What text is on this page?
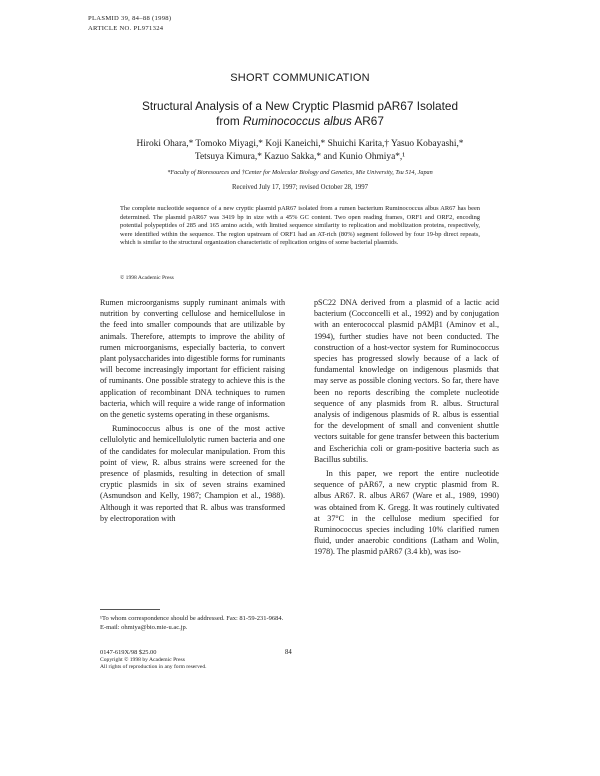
PLASMID 39, 84–88 (1998)
ARTICLE NO. PL971324
SHORT COMMUNICATION
Structural Analysis of a New Cryptic Plasmid pAR67 Isolated
from Ruminococcus albus AR67
Hiroki Ohara,* Tomoko Miyagi,* Koji Kaneichi,* Shuichi Karita,† Yasuo Kobayashi,*
Tetsuya Kimura,* Kazuo Sakka,* and Kunio Ohmiya*,¹
*Faculty of Bioresources and †Center for Molecular Biology and Genetics, Mie University, Tsu 514, Japan
Received July 17, 1997; revised October 28, 1997
The complete nucleotide sequence of a new cryptic plasmid pAR67 isolated from a rumen bacterium Ruminococcus albus AR67 has been determined. The plasmid pAR67 was 3419 bp in size with a 45% GC content. Two open reading frames, ORF1 and ORF2, encoding potential polypeptides of 285 and 165 amino acids, with limited sequence similarity to replication and mobilization proteins, respectively, were identified within the sequence. The region upstream of ORF1 had an AT-rich (80%) segment followed by four 19-bp direct repeats, which is similar to the structural organization characteristic of replication origins of some bacterial plasmids.
© 1998 Academic Press

Rumen microorganisms supply ruminant animals with nutrition by converting cellulose and hemicellulose in the feed into smaller compounds that are utilizable by animals. Therefore, attempts to improve the ability of rumen microorganisms, especially bacteria, to convert plant polysaccharides into digestible forms for ruminants will become increasingly important for efficient raising of ruminants. One possible strategy to achieve this is the application of recombinant DNA techniques to rumen bacteria, which will require a wide range of information on the genetic systems operating in these organisms.

Ruminococcus albus is one of the most active cellulolytic and hemicellulolytic rumen bacteria and one of the candidates for molecular manipulation. From this point of view, R. albus strains were screened for the presence of plasmids, resulting in detection of small cryptic plasmids in six of seven strains examined (Asmundson and Kelly, 1987; Champion et al., 1988). Although it was reported that R. albus was transformed by electroporation with

pSC22 DNA derived from a plasmid of a lactic acid bacterium (Cocconcelli et al., 1992) and by conjugation with an enterococcal plasmid pAMβ1 (Aminov et al., 1994), further studies have not been conducted. The construction of a host-vector system for Ruminococcus species has progressed slowly because of a lack of fundamental knowledge on indigenous plasmids that may serve as possible cloning vectors. So far, there have been no reports describing the complete nucleotide sequence of any plasmids from R. albus. Structural analysis of indigenous plasmids of R. albus is essential for the development of small and convenient shuttle vectors suitable for gene transfer between this bacterium and Escherichia coli or gram-positive bacteria such as Bacillus subtilis.

In this paper, we report the entire nucleotide sequence of pAR67, a new cryptic plasmid from R. albus AR67. R. albus AR67 (Ware et al., 1989, 1990) was obtained from K. Gregg. It was routinely cultivated at 37°C in the cellulose medium specified for Ruminococcus species including 10% clarified rumen fluid, under anaerobic conditions (Latham and Wolin, 1978). The plasmid pAR67 (3.4 kb), was iso-

¹To whom correspondence should be addressed. Fax: 81-59-231-9684. E-mail: ohmiya@bio.mie-u.ac.jp.
0147-619X/98 $25.00
Copyright © 1998 by Academic Press
All rights of reproduction in any form reserved.
84
